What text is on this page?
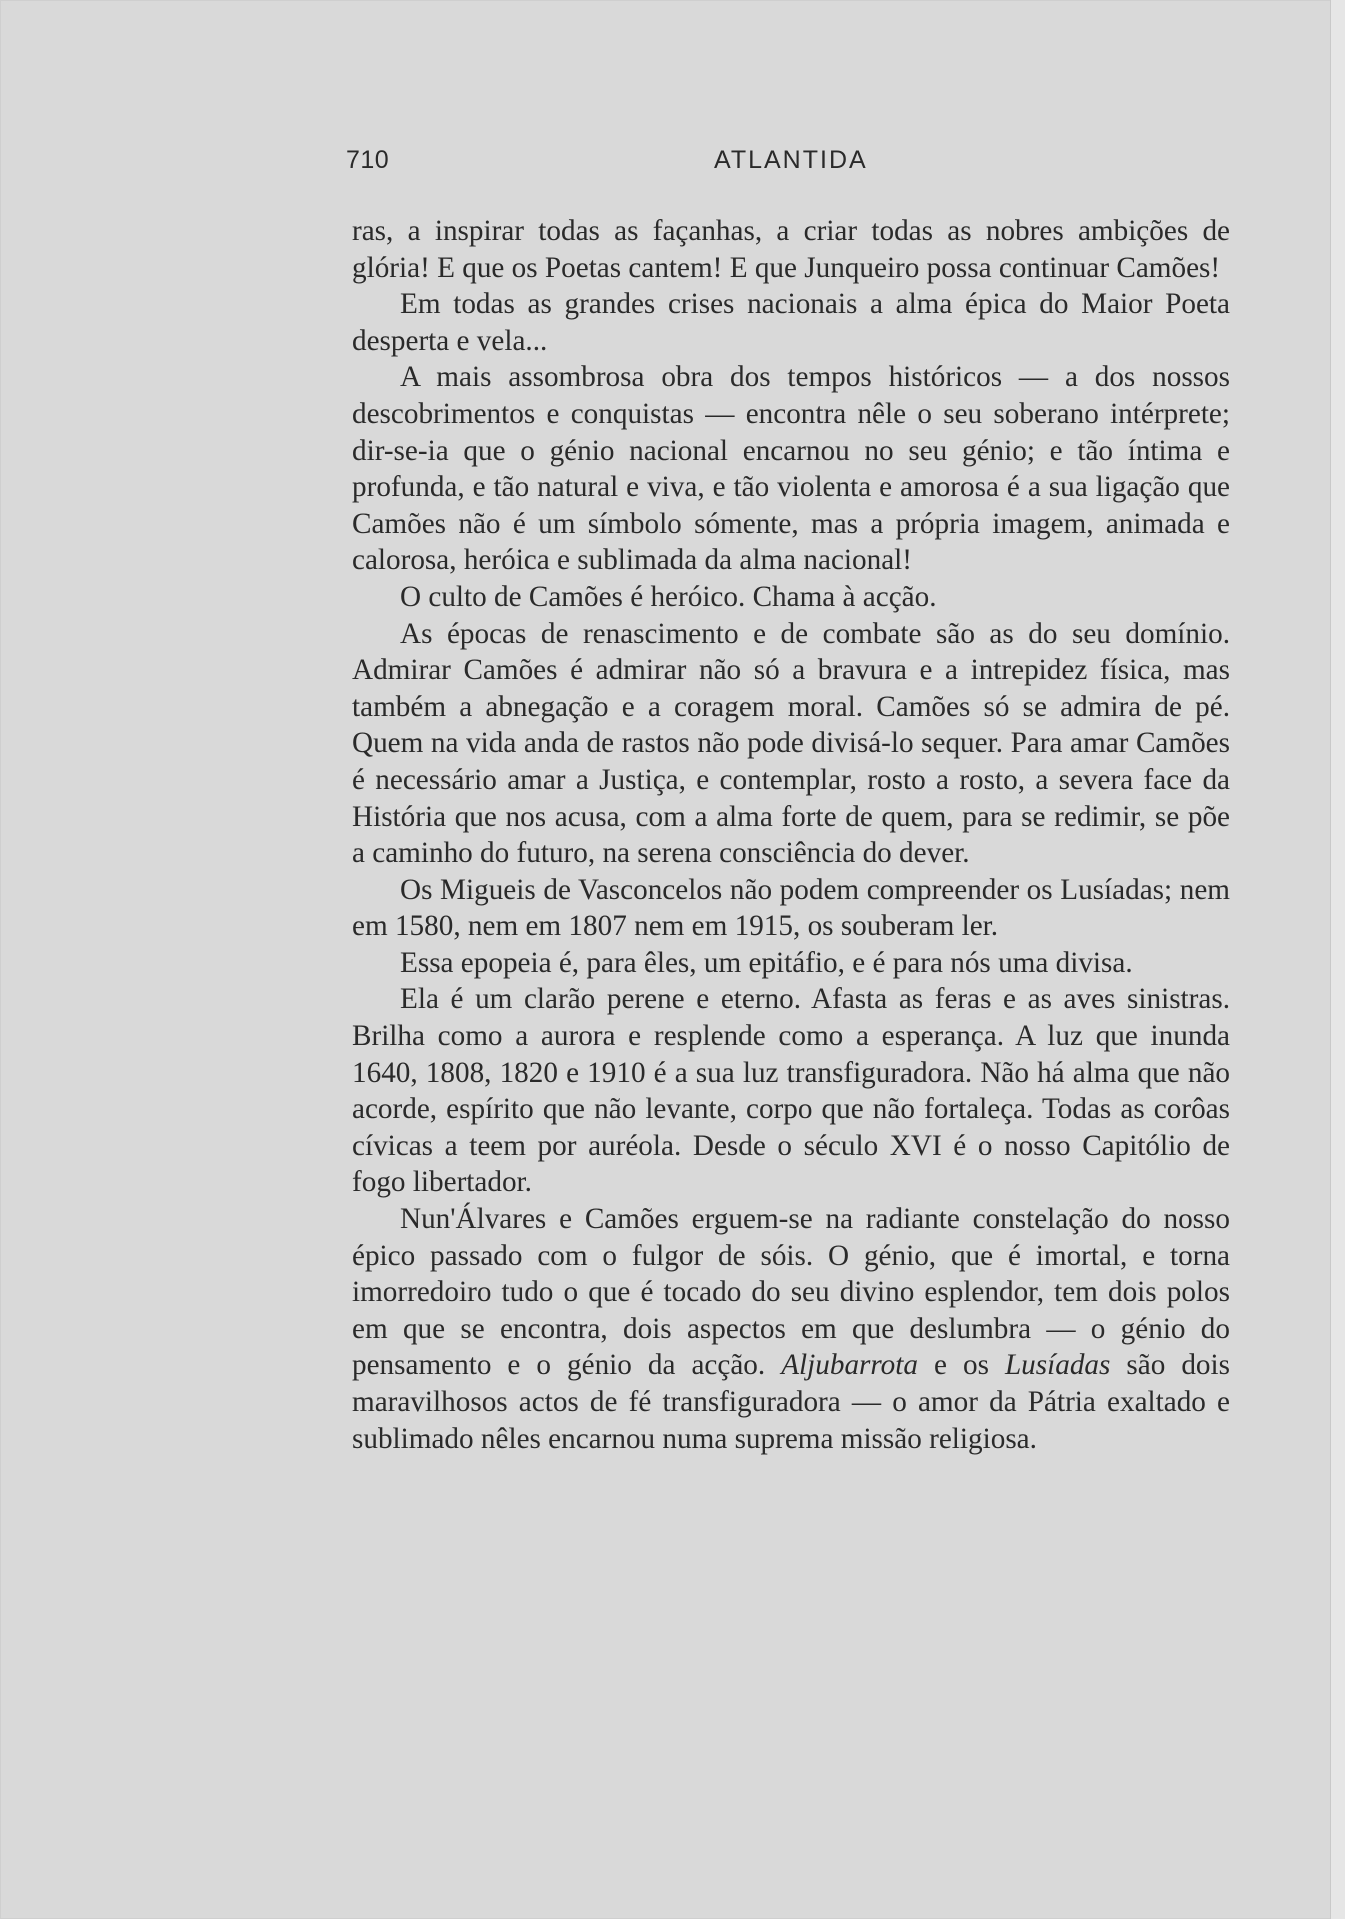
710	ATLANTIDA

ras, a inspirar todas as façanhas, a criar todas as nobres ambições de glória! E que os Poetas cantem! E que Junqueiro possa continuar Camões!

Em todas as grandes crises nacionais a alma épica do Maior Poeta desperta e vela...

A mais assombrosa obra dos tempos históricos — a dos nossos descobrimentos e conquistas — encontra nêle o seu soberano intérprete; dir-se-ia que o génio nacional encarnou no seu génio; e tão íntima e profunda, e tão natural e viva, e tão violenta e amorosa é a sua ligação que Camões não é um símbolo sómente, mas a própria imagem, animada e calorosa, heróica e sublimada da alma nacional!

O culto de Camões é heróico. Chama à acção.

As épocas de renascimento e de combate são as do seu domínio. Admirar Camões é admirar não só a bravura e a intrepidez física, mas também a abnegação e a coragem moral. Camões só se admira de pé. Quem na vida anda de rastos não pode divisá-lo sequer. Para amar Camões é necessário amar a Justiça, e contemplar, rosto a rosto, a severa face da História que nos acusa, com a alma forte de quem, para se redimir, se põe a caminho do futuro, na serena consciência do dever.

Os Migueis de Vasconcelos não podem compreender os Lusíadas; nem em 1580, nem em 1807 nem em 1915, os souberam ler.

Essa epopeia é, para êles, um epitáfio, e é para nós uma divisa.

Ela é um clarão perene e eterno. Afasta as feras e as aves sinistras. Brilha como a aurora e resplende como a esperança. A luz que inunda 1640, 1808, 1820 e 1910 é a sua luz transfiguradora. Não há alma que não acorde, espírito que não levante, corpo que não fortaleça. Todas as corôas cívicas a teem por auréola. Desde o século XVI é o nosso Capitólio de fogo libertador.

Nun'Álvares e Camões erguem-se na radiante constelação do nosso épico passado com o fulgor de sóis. O génio, que é imortal, e torna imorredoiro tudo o que é tocado do seu divino esplendor, tem dois polos em que se encontra, dois aspectos em que deslumbra — o génio do pensamento e o génio da acção. Aljubarrota e os Lusíadas são dois maravilhosos actos de fé transfiguradora — o amor da Pátria exaltado e sublimado nêles encarnou numa suprema missão religiosa.
